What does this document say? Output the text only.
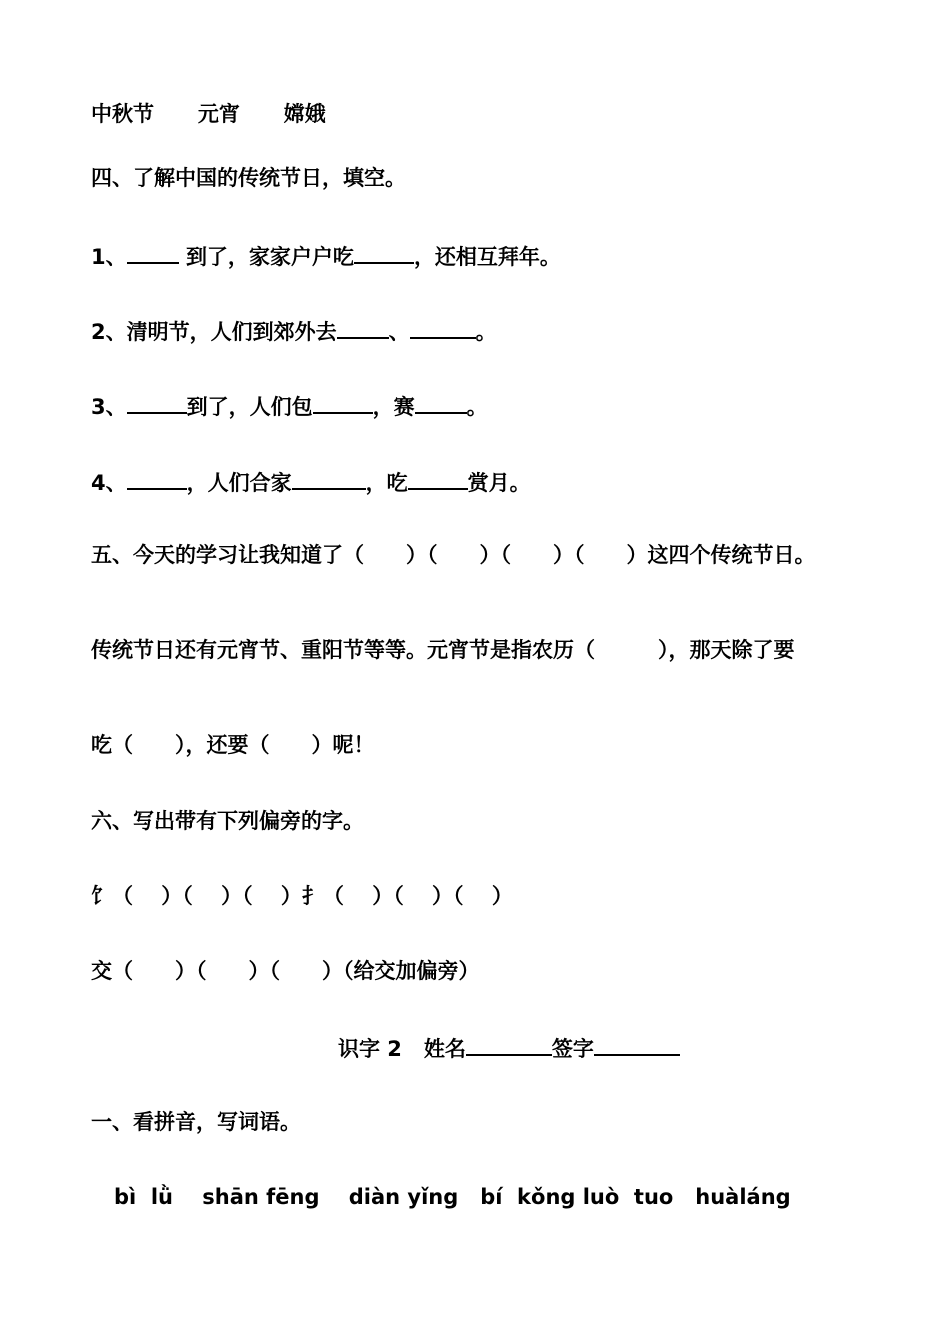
中秋节      元宵      嫦娥
四、了解中国的传统节日，填空。
1、	到了，家家户户吃	，还相互拜年。
2、清明节，人们到郊外去 、	。
3、	到了，人们包	，赛 。
4、	，人们合家	，吃	赏月。
五、今天的学习让我知道了（　　）（　　）（　　）（　　）这四个传统节日。
传统节日还有元宵节、重阳节等等。元宵节是指农历（　　　），那天除了要
吃（　　），还要（　　）呢！
六、写出带有下列偏旁的字。
饣（　 ）（　 ）（　 ）扌（　 ）（　 ）（　 ）
交（　　）（　　）（　　）（给交加偏旁）
识字 2 姓名	签字
一、看拼音，写词语。
bì  lǜ    shān fēng    diàn yǐng   bí  kǒng luò  tuo   huàláng
